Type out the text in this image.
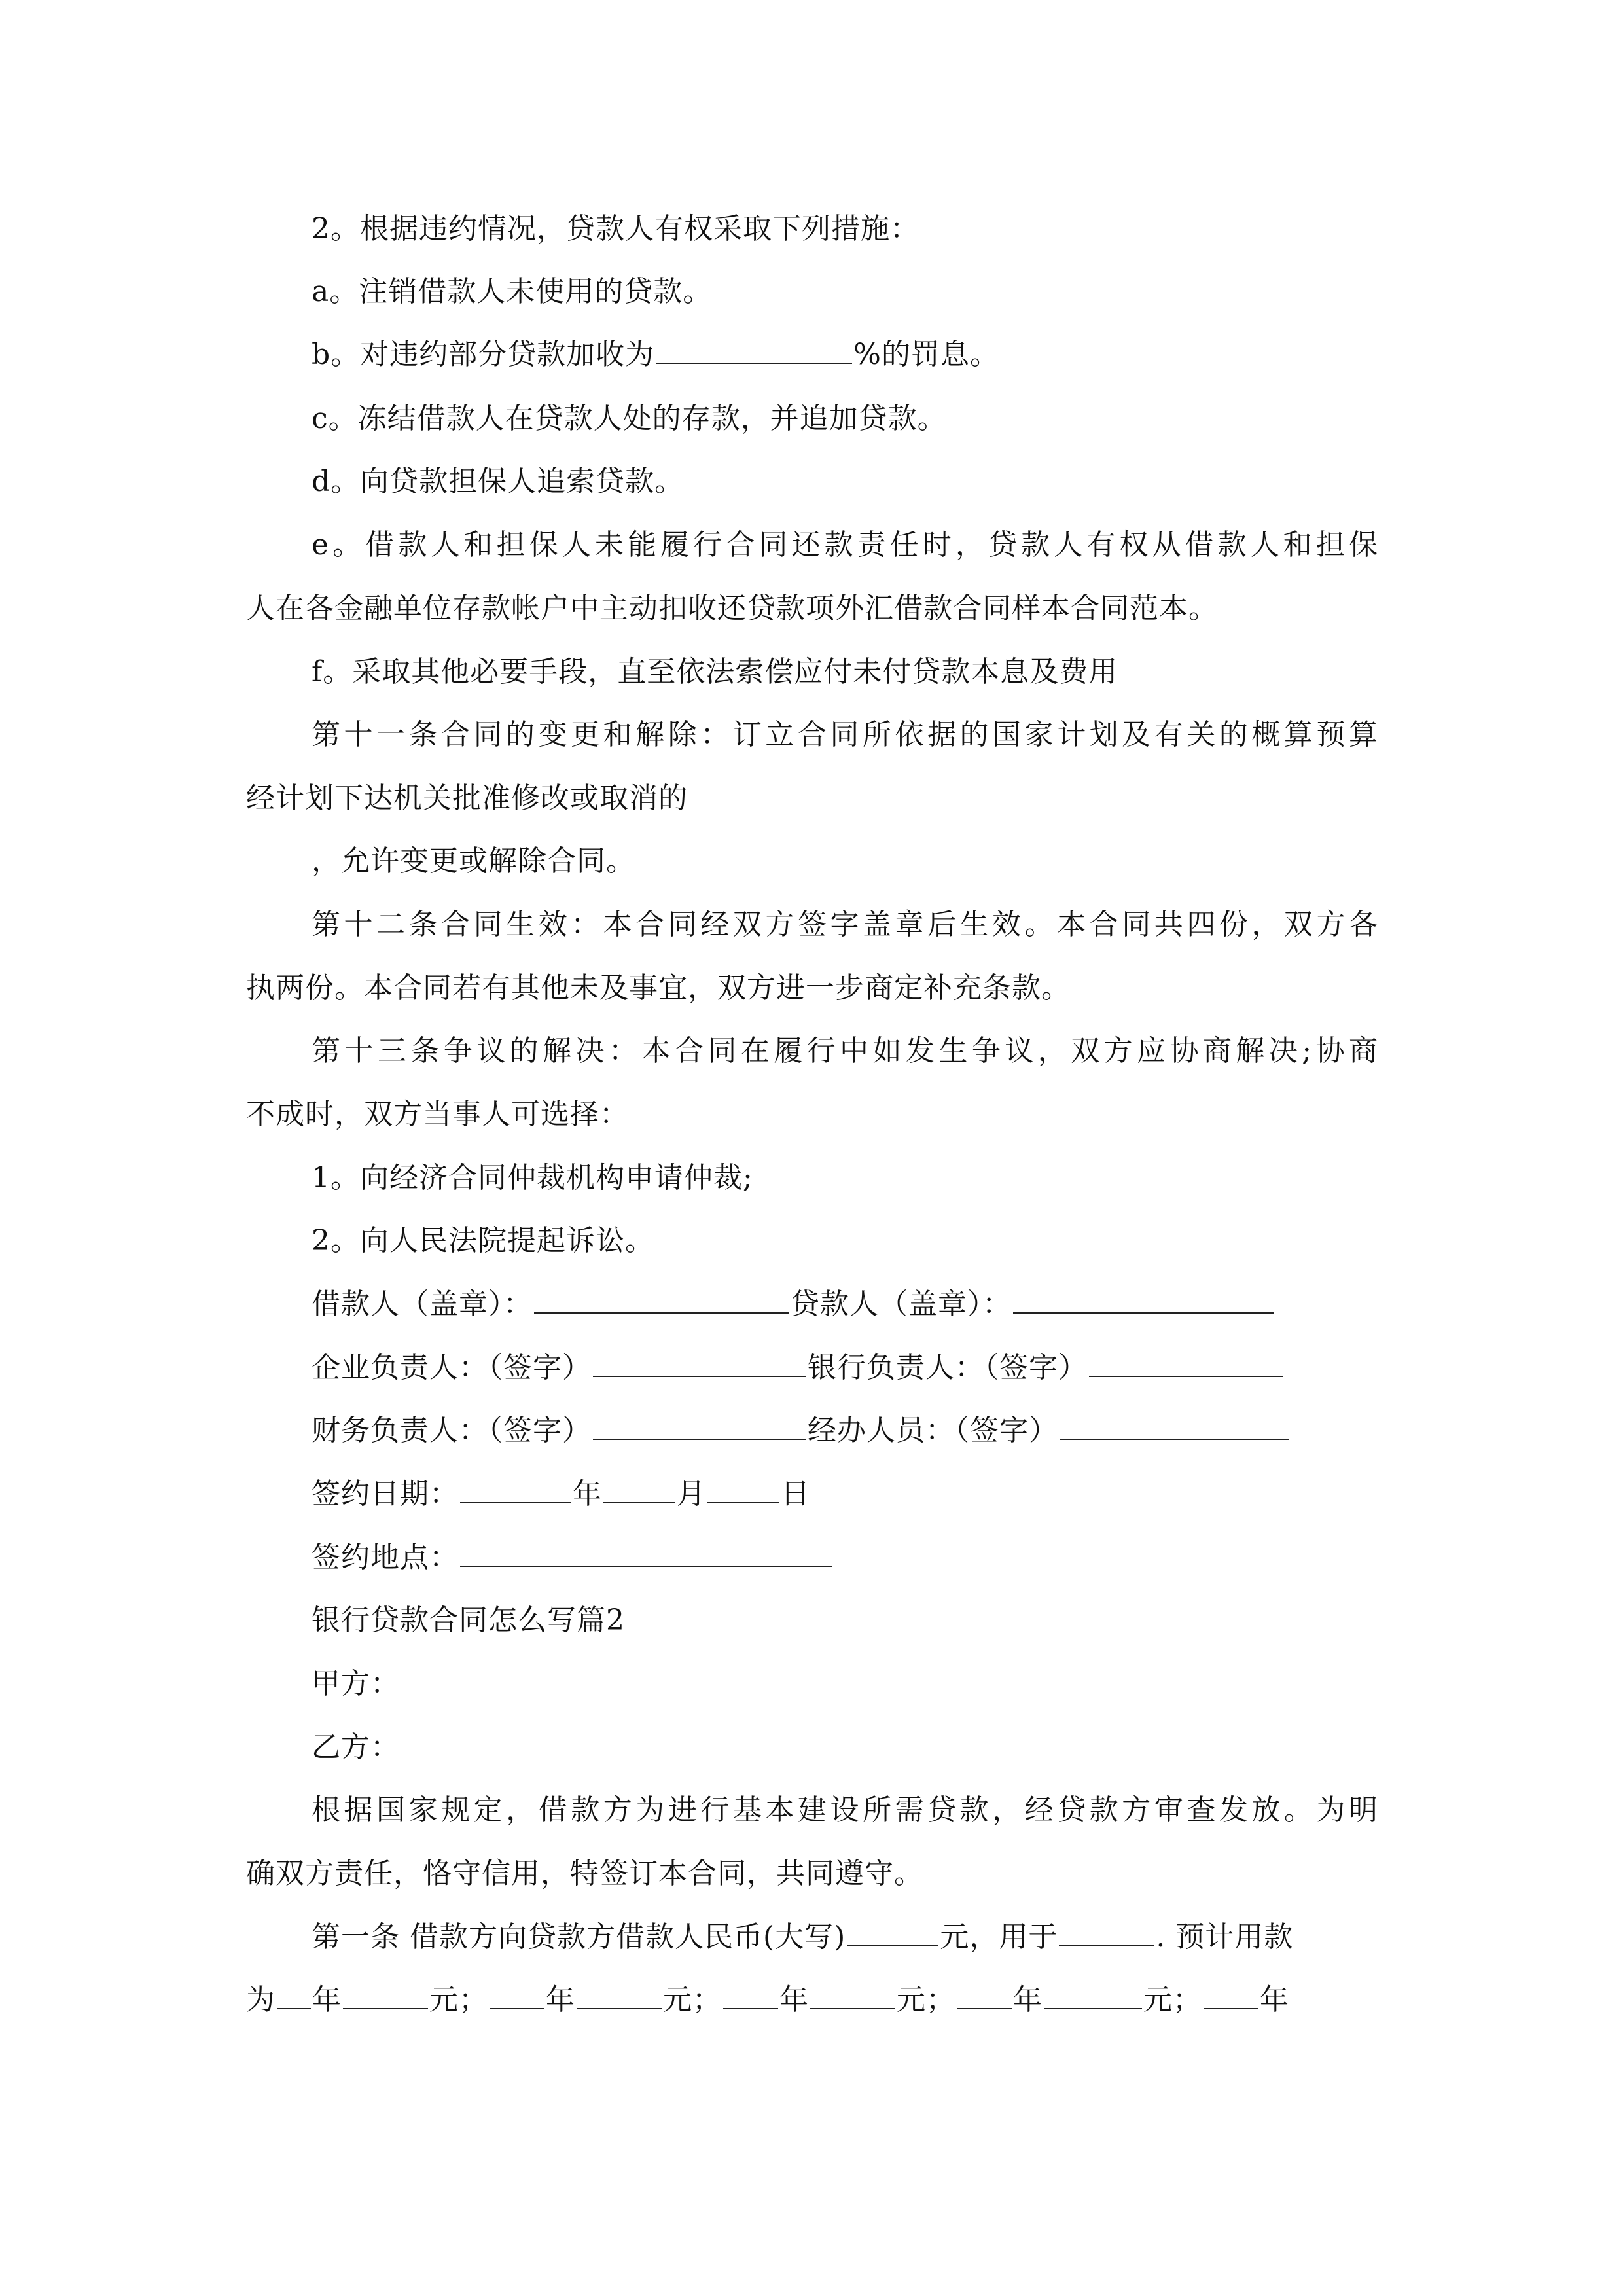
2。根据违约情况，贷款人有权采取下列措施：
a。注销借款人未使用的贷款。
b。对违约部分贷款加收为	%的罚息。
c。冻结借款人在贷款人处的存款，并追加贷款。
d。向贷款担保人追索贷款。
e。借款人和担保人未能履行合同还款责任时，贷款人有权从借款人和担保
人在各金融单位存款帐户中主动扣收还贷款项外汇借款合同样本合同范本。
f。采取其他必要手段，直至依法索偿应付未付贷款本息及费用
第十一条合同的变更和解除：订立合同所依据的国家计划及有关的概算预算
经计划下达机关批准修改或取消的
，允许变更或解除合同。
第十二条合同生效：本合同经双方签字盖章后生效。本合同共四份，双方各
执两份。本合同若有其他未及事宜，双方进一步商定补充条款。
第十三条争议的解决：本合同在履行中如发生争议，双方应协商解决;协商
不成时，双方当事人可选择：
1。向经济合同仲裁机构申请仲裁;
2。向人民法院提起诉讼。
借款人（盖章）：	贷款人（盖章）：
企业负责人：（签字）	银行负责人：（签字）
财务负责人：（签字）	经办人员：（签字）
签约日期：	年	月	日
签约地点：
银行贷款合同怎么写篇2
甲方：
乙方：
根据国家规定，借款方为进行基本建设所需贷款，经贷款方审查发放。为明
确双方责任，恪守信用，特签订本合同，共同遵守。
第一条 借款方向贷款方借款人民币(大写)	元，用于	. 预计用款
为 年	元； 年	元； 年	元； 年	元； 年
